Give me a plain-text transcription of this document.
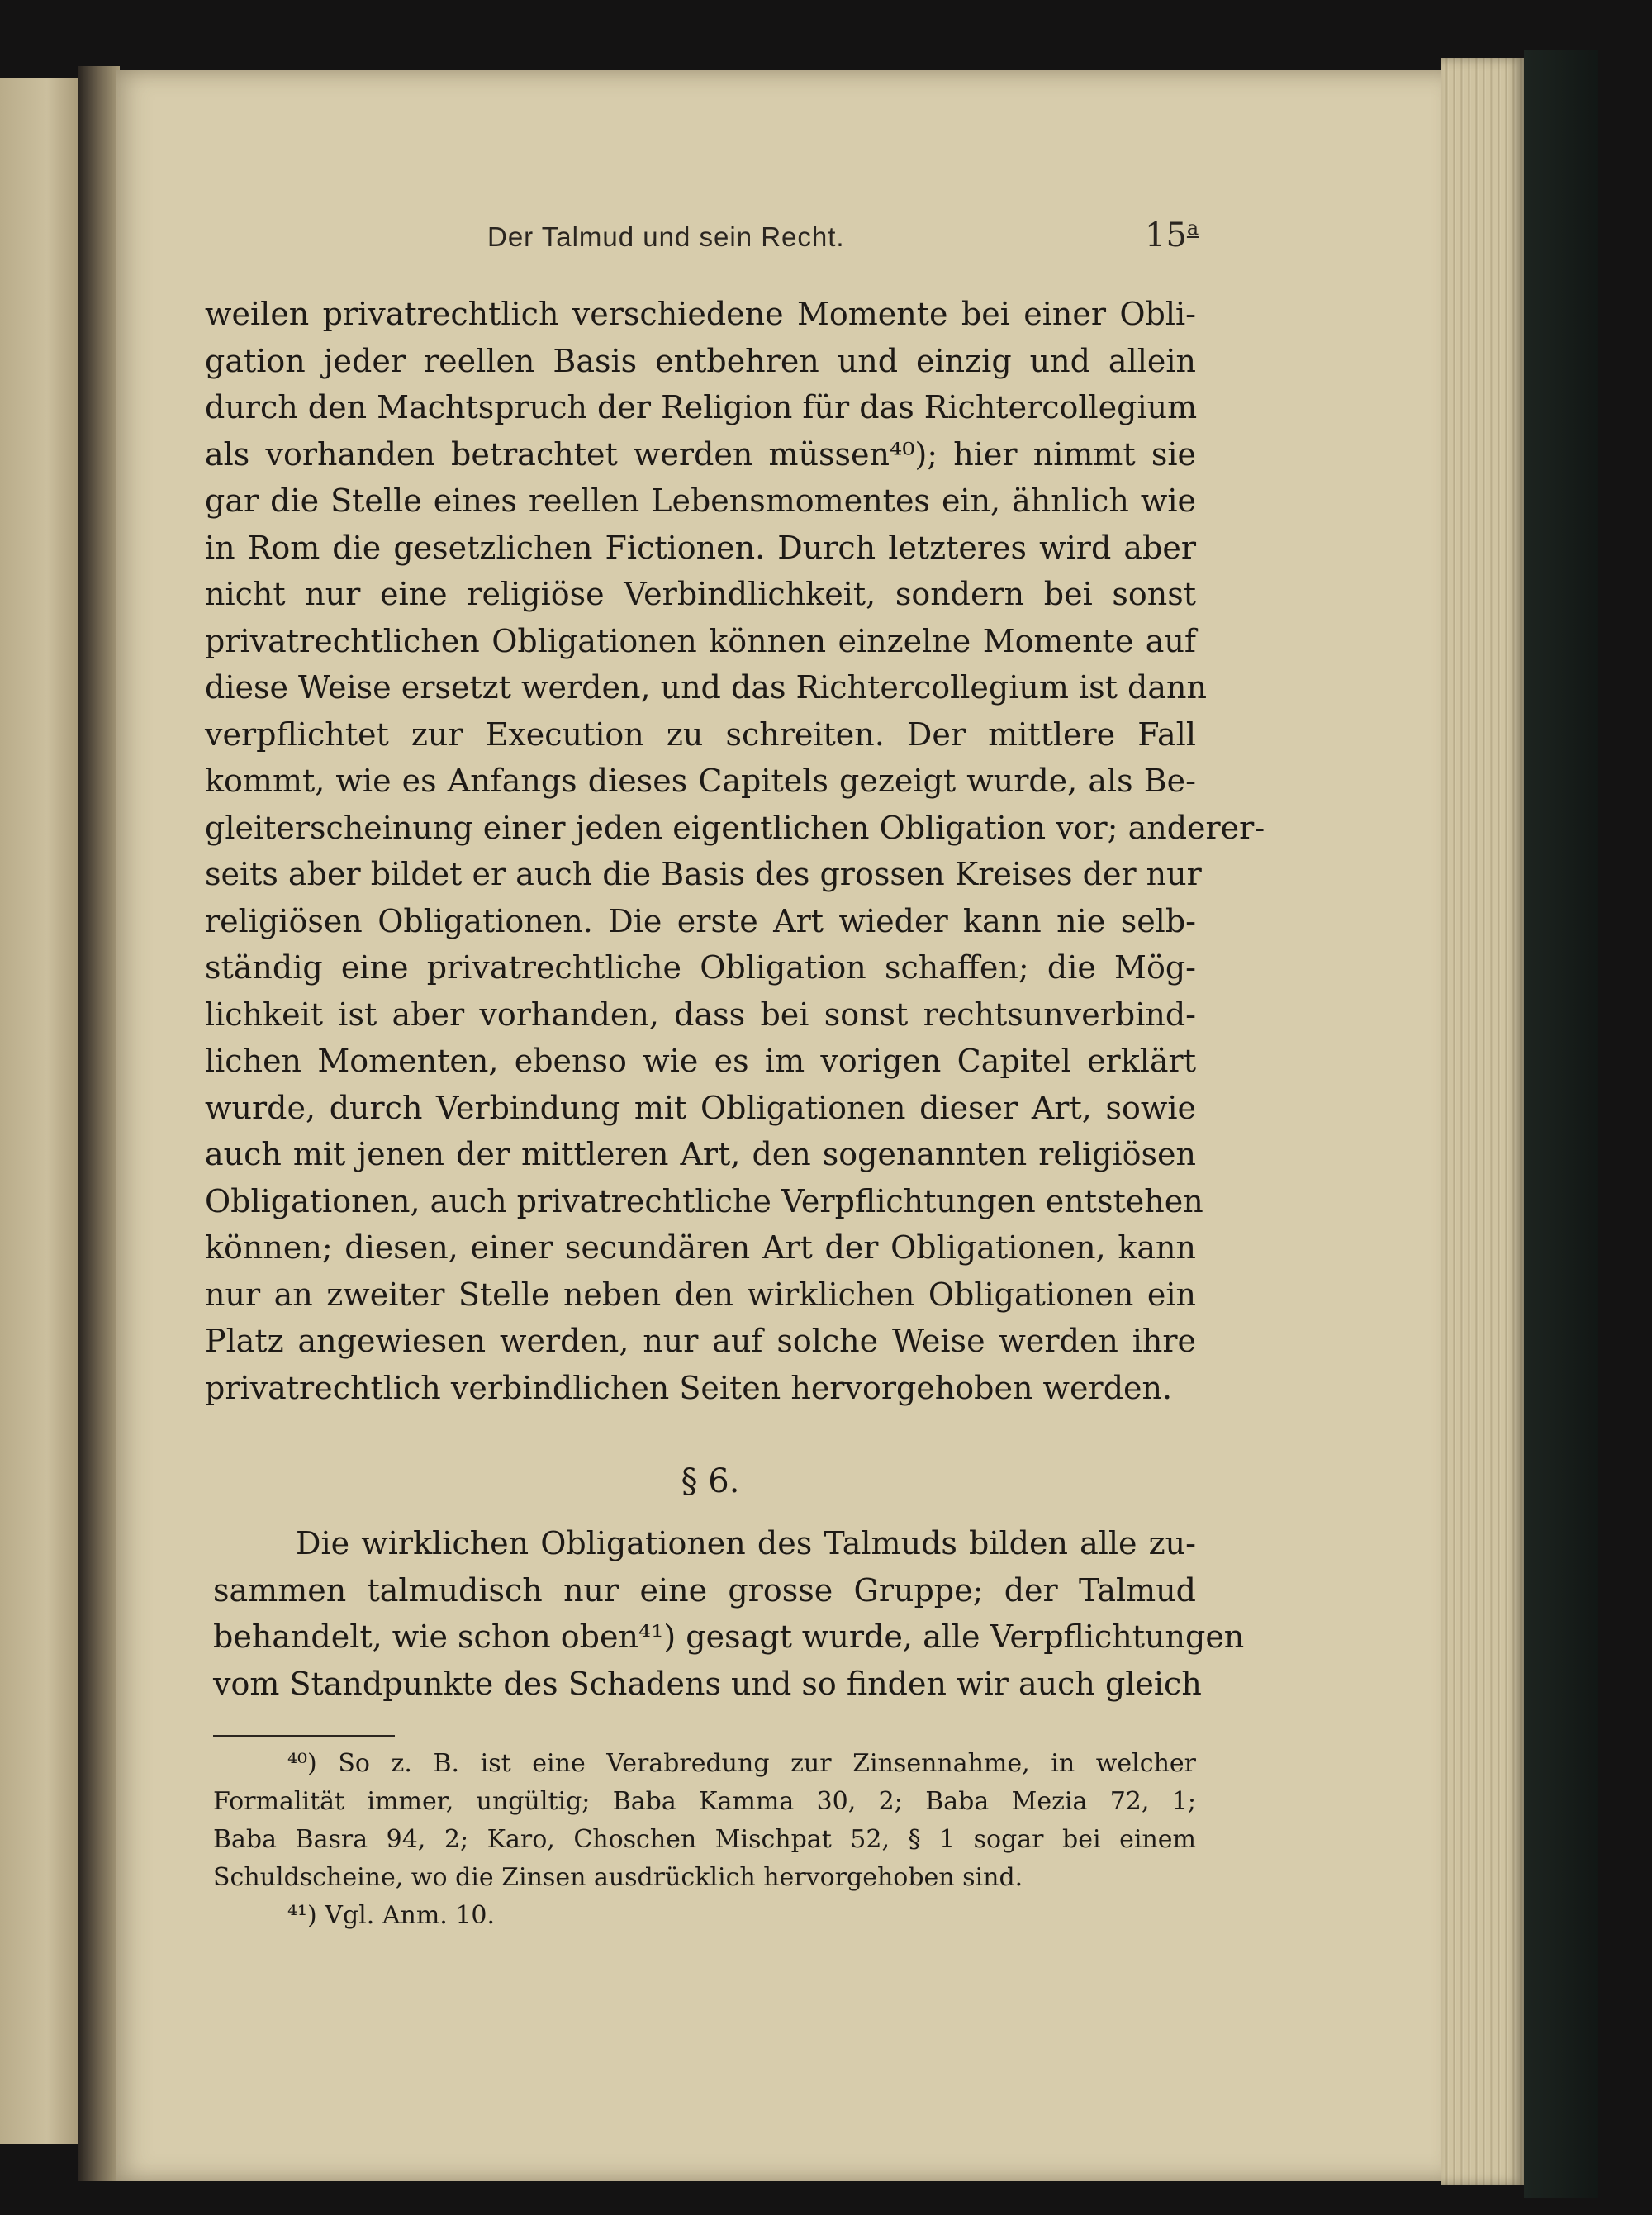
Der Talmud und sein Recht.	15$^a$
weilen privatrechtlich verschiedene Momente bei einer Obli-
gation jeder reellen Basis entbehren und einzig und allein
durch den Machtspruch der Religion für das Richtercollegium
als vorhanden betrachtet werden müssen⁴⁰); hier nimmt sie
gar die Stelle eines reellen Lebensmomentes ein, ähnlich wie
in Rom die gesetzlichen Fictionen. Durch letzteres wird aber
nicht nur eine religiöse Verbindlichkeit, sondern bei sonst
privatrechtlichen Obligationen können einzelne Momente auf
diese Weise ersetzt werden, und das Richtercollegium ist dann
verpflichtet zur Execution zu schreiten. Der mittlere Fall
kommt, wie es Anfangs dieses Capitels gezeigt wurde, als Be-
gleiterscheinung einer jeden eigentlichen Obligation vor; anderer-
seits aber bildet er auch die Basis des grossen Kreises der nur
religiösen Obligationen. Die erste Art wieder kann nie selb-
ständig eine privatrechtliche Obligation schaffen; die Mög-
lichkeit ist aber vorhanden, dass bei sonst rechtsunverbind-
lichen Momenten, ebenso wie es im vorigen Capitel erklärt
wurde, durch Verbindung mit Obligationen dieser Art, sowie
auch mit jenen der mittleren Art, den sogenannten religiösen
Obligationen, auch privatrechtliche Verpflichtungen entstehen
können; diesen, einer secundären Art der Obligationen, kann
nur an zweiter Stelle neben den wirklichen Obligationen ein
Platz angewiesen werden, nur auf solche Weise werden ihre
privatrechtlich verbindlichen Seiten hervorgehoben werden.
§ 6.
Die wirklichen Obligationen des Talmuds bilden alle zu-
sammen talmudisch nur eine grosse Gruppe; der Talmud
behandelt, wie schon oben⁴¹) gesagt wurde, alle Verpflichtungen
vom Standpunkte des Schadens und so finden wir auch gleich
⁴⁰) So z. B. ist eine Verabredung zur Zinsennahme, in welcher
Formalität immer, ungültig; Baba Kamma 30, 2; Baba Mezia 72, 1;
Baba Basra 94, 2; Karo, Choschen Mischpat 52, § 1 sogar bei einem
Schuldscheine, wo die Zinsen ausdrücklich hervorgehoben sind.
⁴¹) Vgl. Anm. 10.
